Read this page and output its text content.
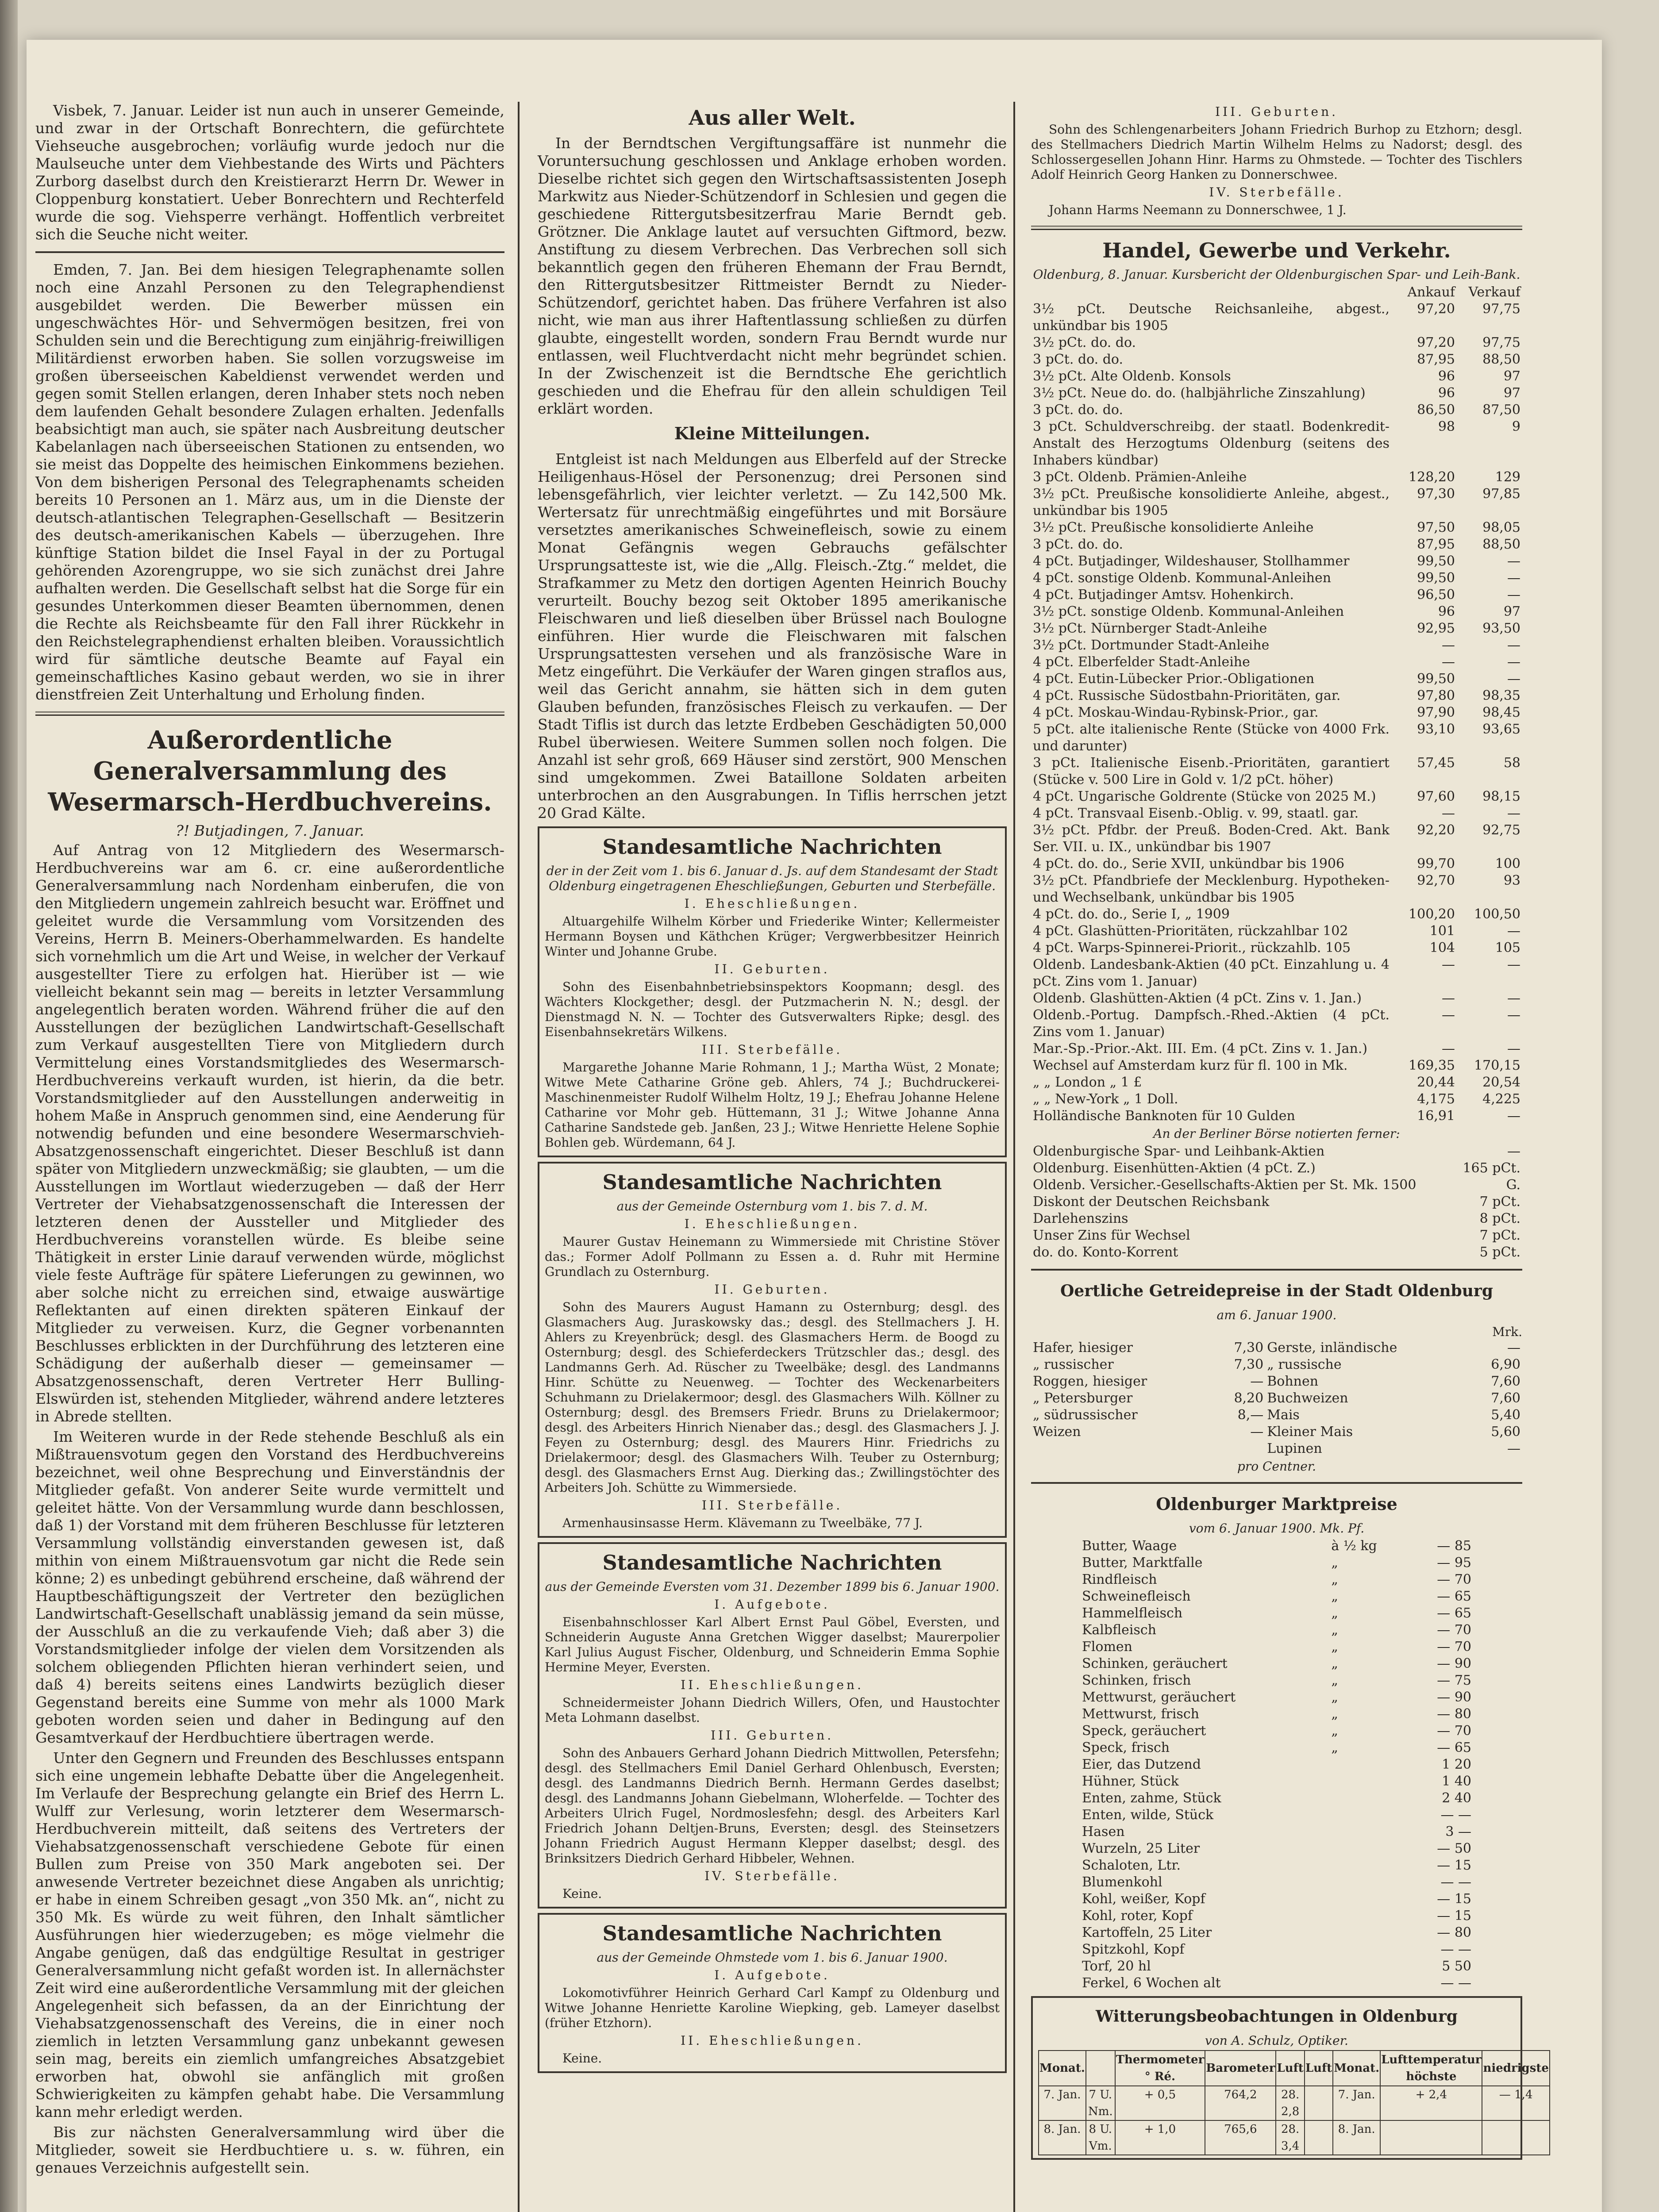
Visbek, 7. Januar. Leider ist nun auch in unserer Gemeinde, und zwar in der Ortschaft Bonrechtern, die gefürchtete Viehseuche ausgebrochen; vorläufig wurde jedoch nur die Maulseuche unter dem Viehbestande des Wirts und Pächters Zurborg daselbst durch den Kreistierarzt Herrn Dr. Wewer in Cloppenburg konstatiert. Ueber Bonrechtern und Rechterfeld wurde die sog. Viehsperre verhängt. Hoffentlich verbreitet sich die Seuche nicht weiter.

Emden, 7. Jan. Bei dem hiesigen Telegraphenamte sollen noch eine Anzahl Personen zu den Telegraphendienst ausgebildet werden. Die Bewerber müssen ein ungeschwächtes Hör- und Sehvermögen besitzen, frei von Schulden sein und die Berechtigung zum einjährig-freiwilligen Militärdienst erworben haben. Sie sollen vorzugsweise im großen überseeischen Kabeldienst verwendet werden und gegen somit Stellen erlangen, deren Inhaber stets noch neben dem laufenden Gehalt besondere Zulagen erhalten. Jedenfalls beabsichtigt man auch, sie später nach Ausbreitung deutscher Kabelanlagen nach überseeischen Stationen zu entsenden, wo sie meist das Doppelte des heimischen Einkommens beziehen. Von dem bisherigen Personal des Telegraphenamts scheiden bereits 10 Personen an 1. März aus, um in die Dienste der deutsch-atlantischen Telegraphen-Gesellschaft — Besitzerin des deutsch-amerikanischen Kabels — überzugehen. Ihre künftige Station bildet die Insel Fayal in der zu Portugal gehörenden Azorengruppe, wo sie sich zunächst drei Jahre aufhalten werden. Die Gesellschaft selbst hat die Sorge für ein gesundes Unterkommen dieser Beamten übernommen, denen die Rechte als Reichsbeamte für den Fall ihrer Rückkehr in den Reichstelegraphendienst erhalten bleiben. Voraussichtlich wird für sämtliche deutsche Beamte auf Fayal ein gemeinschaftliches Kasino gebaut werden, wo sie in ihrer dienstfreien Zeit Unterhaltung und Erholung finden.

Außerordentliche Generalversammlung des Wesermarsch-Herdbuchvereins.
?! Butjadingen, 7. Januar.

Auf Antrag von 12 Mitgliedern des Wesermarsch-Herdbuchvereins war am 6. cr. eine außerordentliche Generalversammlung nach Nordenham einberufen, die von den Mitgliedern ungemein zahlreich besucht war. Eröffnet und geleitet wurde die Versammlung vom Vorsitzenden des Vereins, Herrn B. Meiners-Oberhammelwarden. Es handelte sich vornehmlich um die Art und Weise, in welcher der Verkauf ausgestellter Tiere zu erfolgen hat. Hierüber ist — wie vielleicht bekannt sein mag — bereits in letzter Versammlung angelegentlich beraten worden. Während früher die auf den Ausstellungen der bezüglichen Landwirtschaft-Gesellschaft zum Verkauf ausgestellten Tiere von Mitgliedern durch Vermittelung eines Vorstandsmitgliedes des Wesermarsch-Herdbuchvereins verkauft wurden, ist hierin, da die betr. Vorstandsmitglieder auf den Ausstellungen anderweitig in hohem Maße in Anspruch genommen sind, eine Aenderung für notwendig befunden und eine besondere Wesermarschvieh-Absatzgenossenschaft eingerichtet. Dieser Beschluß ist dann später von Mitgliedern unzweckmäßig; sie glaubten, — um die Ausstellungen im Wortlaut wiederzugeben — daß der Herr Vertreter der Viehabsatzgenossenschaft die Interessen der letzteren denen der Aussteller und Mitglieder des Herdbuchvereins voranstellen würde. Es bleibe seine Thätigkeit in erster Linie darauf verwenden würde, möglichst viele feste Aufträge für spätere Lieferungen zu gewinnen, wo aber solche nicht zu erreichen sind, etwaige auswärtige Reflektanten auf einen direkten späteren Einkauf der Mitglieder zu verweisen. Kurz, die Gegner vorbenannten Beschlusses erblickten in der Durchführung des letzteren eine Schädigung der außerhalb dieser — gemeinsamer — Absatzgenossenschaft, deren Vertreter Herr Bulling-Elswürden ist, stehenden Mitglieder, während andere letzteres in Abrede stellten.

Im Weiteren wurde in der Rede stehende Beschluß als ein Mißtrauensvotum gegen den Vorstand des Herdbuchvereins bezeichnet, weil ohne Besprechung und Einverständnis der Mitglieder gefaßt. Von anderer Seite wurde vermittelt und geleitet hätte. Von der Versammlung wurde dann beschlossen, daß 1) der Vorstand mit dem früheren Beschlusse für letzteren Versammlung vollständig einverstanden gewesen ist, daß mithin von einem Mißtrauensvotum gar nicht die Rede sein könne; 2) es unbedingt gebührend erscheine, daß während der Hauptbeschäftigungszeit der Vertreter den bezüglichen Landwirtschaft-Gesellschaft unablässig jemand da sein müsse, der Ausschluß an die zu verkaufende Vieh; daß aber 3) die Vorstandsmitglieder infolge der vielen dem Vorsitzenden als solchem obliegenden Pflichten hieran verhindert seien, und daß 4) bereits seitens eines Landwirts bezüglich dieser Gegenstand bereits eine Summe von mehr als 1000 Mark geboten worden seien und daher in Bedingung auf den Gesamtverkauf der Herdbuchtiere übertragen werde.

Unter den Gegnern und Freunden des Beschlusses entspann sich eine ungemein lebhafte Debatte über die Angelegenheit. Im Verlaufe der Besprechung gelangte ein Brief des Herrn L. Wulff zur Verlesung, worin letzterer dem Wesermarsch-Herdbuchverein mitteilt, daß seitens des Vertreters der Viehabsatzgenossenschaft verschiedene Gebote für einen Bullen zum Preise von 350 Mark angeboten sei. Der anwesende Vertreter bezeichnet diese Angaben als unrichtig; er habe in einem Schreiben gesagt „von 350 Mk. an“, nicht zu 350 Mk. Es würde zu weit führen, den Inhalt sämtlicher Ausführungen hier wiederzugeben; es möge vielmehr die Angabe genügen, daß das endgültige Resultat in gestriger Generalversammlung nicht gefaßt worden ist. In allernächster Zeit wird eine außerordentliche Versammlung mit der gleichen Angelegenheit sich befassen, da an der Einrichtung der Viehabsatzgenossenschaft des Vereins, die in einer noch ziemlich in letzten Versammlung ganz unbekannt gewesen sein mag, bereits ein ziemlich umfangreiches Absatzgebiet erworben hat, obwohl sie anfänglich mit großen Schwierigkeiten zu kämpfen gehabt habe. Die Versammlung kann mehr erledigt werden.

Bis zur nächsten Generalversammlung wird über die Mitglieder, soweit sie Herdbuchtiere u. s. w. führen, ein genaues Verzeichnis aufgestellt sein.

Aus aller Welt.

In der Berndtschen Vergiftungsaffäre ist nunmehr die Voruntersuchung geschlossen und Anklage erhoben worden. Dieselbe richtet sich gegen den Wirtschaftsassistenten Joseph Markwitz aus Nieder-Schützendorf in Schlesien und gegen die geschiedene Rittergutsbesitzerfrau Marie Berndt geb. Grötzner. Die Anklage lautet auf versuchten Giftmord, bezw. Anstiftung zu diesem Verbrechen. Das Verbrechen soll sich bekanntlich gegen den früheren Ehemann der Frau Berndt, den Rittergutsbesitzer Rittmeister Berndt zu Nieder-Schützendorf, gerichtet haben. Das frühere Verfahren ist also nicht, wie man aus ihrer Haftentlassung schließen zu dürfen glaubte, eingestellt worden, sondern Frau Berndt wurde nur entlassen, weil Fluchtverdacht nicht mehr begründet schien. In der Zwischenzeit ist die Berndtsche Ehe gerichtlich geschieden und die Ehefrau für den allein schuldigen Teil erklärt worden.

Kleine Mitteilungen.

Entgleist ist nach Meldungen aus Elberfeld auf der Strecke Heiligenhaus-Hösel der Personenzug; drei Personen sind lebensgefährlich, vier leichter verletzt. — Zu 142,500 Mk. Wertersatz für unrechtmäßig eingeführtes und mit Borsäure versetztes amerikanisches Schweinefleisch, sowie zu einem Monat Gefängnis wegen Gebrauchs gefälschter Ursprungsatteste ist, wie die „Allg. Fleisch.-Ztg.“ meldet, die Strafkammer zu Metz den dortigen Agenten Heinrich Bouchy verurteilt. Bouchy bezog seit Oktober 1895 amerikanische Fleischwaren und ließ dieselben über Brüssel nach Boulogne einführen. Hier wurde die Fleischwaren mit falschen Ursprungsattesten versehen und als französische Ware in Metz eingeführt. Die Verkäufer der Waren gingen straflos aus, weil das Gericht annahm, sie hätten sich in dem guten Glauben befunden, französisches Fleisch zu verkaufen. — Der Stadt Tiflis ist durch das letzte Erdbeben Geschädigten 50,000 Rubel überwiesen. Weitere Summen sollen noch folgen. Die Anzahl ist sehr groß, 669 Häuser sind zerstört, 900 Menschen sind umgekommen. Zwei Bataillone Soldaten arbeiten unterbrochen an den Ausgrabungen. In Tiflis herrschen jetzt 20 Grad Kälte.

Standesamtliche Nachrichten
der in der Zeit vom 1. bis 6. Januar d. Js. auf dem Standesamt der Stadt Oldenburg eingetragenen Eheschließungen, Geburten und Sterbefälle.
I. Eheschließungen.

Altuargehilfe Wilhelm Körber und Friederike Winter; Kellermeister Hermann Boysen und Käthchen Krüger; Vergwerbbesitzer Heinrich Winter und Johanne Grube.

II. Geburten.

Sohn des Eisenbahnbetriebsinspektors Koopmann; desgl. des Wächters Klockgether; desgl. der Putzmacherin N. N.; desgl. der Dienstmagd N. N. — Tochter des Gutsverwalters Ripke; desgl. des Eisenbahnsekretärs Wilkens.

III. Sterbefälle.

Margarethe Johanne Marie Rohmann, 1 J.; Martha Wüst, 2 Monate; Witwe Mete Catharine Gröne geb. Ahlers, 74 J.; Buchdruckerei-Maschinenmeister Rudolf Wilhelm Holtz, 19 J.; Ehefrau Johanne Helene Catharine vor Mohr geb. Hüttemann, 31 J.; Witwe Johanne Anna Catharine Sandstede geb. Janßen, 23 J.; Witwe Henriette Helene Sophie Bohlen geb. Würdemann, 64 J.

Standesamtliche Nachrichten
aus der Gemeinde Osternburg vom 1. bis 7. d. M.
I. Eheschließungen.

Maurer Gustav Heinemann zu Wimmersiede mit Christine Stöver das.; Former Adolf Pollmann zu Essen a. d. Ruhr mit Hermine Grundlach zu Osternburg.

II. Geburten.

Sohn des Maurers August Hamann zu Osternburg; desgl. des Glasmachers Aug. Juraskowsky das.; desgl. des Stellmachers J. H. Ahlers zu Kreyenbrück; desgl. des Glasmachers Herm. de Boogd zu Osternburg; desgl. des Schieferdeckers Trützschler das.; desgl. des Landmanns Gerh. Ad. Rüscher zu Tweelbäke; desgl. des Landmanns Hinr. Schütte zu Neuenweg. — Tochter des Weckenarbeiters Schuhmann zu Drielakermoor; desgl. des Glasmachers Wilh. Köllner zu Osternburg; desgl. des Bremsers Friedr. Bruns zu Drielakermoor; desgl. des Arbeiters Hinrich Nienaber das.; desgl. des Glasmachers J. J. Feyen zu Osternburg; desgl. des Maurers Hinr. Friedrichs zu Drielakermoor; desgl. des Glasmachers Wilh. Teuber zu Osternburg; desgl. des Glasmachers Ernst Aug. Dierking das.; Zwillingstöchter des Arbeiters Joh. Schütte zu Wimmersiede.

III. Sterbefälle.

Armenhausinsasse Herm. Klävemann zu Tweelbäke, 77 J.

Standesamtliche Nachrichten
aus der Gemeinde Eversten vom 31. Dezember 1899 bis 6. Januar 1900.
I. Aufgebote.

Eisenbahnschlosser Karl Albert Ernst Paul Göbel, Eversten, und Schneiderin Auguste Anna Gretchen Wigger daselbst; Maurerpolier Karl Julius August Fischer, Oldenburg, und Schneiderin Emma Sophie Hermine Meyer, Eversten.

II. Eheschließungen.

Schneidermeister Johann Diedrich Willers, Ofen, und Haustochter Meta Lohmann daselbst.

III. Geburten.

Sohn des Anbauers Gerhard Johann Diedrich Mittwollen, Petersfehn; desgl. des Stellmachers Emil Daniel Gerhard Ohlenbusch, Eversten; desgl. des Landmanns Diedrich Bernh. Hermann Gerdes daselbst; desgl. des Landmanns Johann Giebelmann, Wloherfelde. — Tochter des Arbeiters Ulrich Fugel, Nordmoslesfehn; desgl. des Arbeiters Karl Friedrich Johann Deltjen-Bruns, Eversten; desgl. des Steinsetzers Johann Friedrich August Hermann Klepper daselbst; desgl. des Brinksitzers Diedrich Gerhard Hibbeler, Wehnen.

IV. Sterbefälle.

Keine.

Standesamtliche Nachrichten
aus der Gemeinde Ohmstede vom 1. bis 6. Januar 1900.
I. Aufgebote.

Lokomotivführer Heinrich Gerhard Carl Kampf zu Oldenburg und Witwe Johanne Henriette Karoline Wiepking, geb. Lameyer daselbst (früher Etzhorn).

II. Eheschließungen.

Keine.

III. Geburten.

Sohn des Schlengenarbeiters Johann Friedrich Burhop zu Etzhorn; desgl. des Stellmachers Diedrich Martin Wilhelm Helms zu Nadorst; desgl. des Schlossergesellen Johann Hinr. Harms zu Ohmstede. — Tochter des Tischlers Adolf Heinrich Georg Hanken zu Donnerschwee.

IV. Sterbefälle.

Johann Harms Neemann zu Donnerschwee, 1 J.

Handel, Gewerbe und Verkehr.
Oldenburg, 8. Januar. Kursbericht der Oldenburgischen Spar- und Leih-Bank.
	Ankauf	Verkauf
3½ pCt. Deutsche Reichsanleihe, abgest., unkündbar bis 1905	97,20	97,75
3½ pCt. do. do.	97,20	97,75
3 pCt. do. do.	87,95	88,50
3½ pCt. Alte Oldenb. Konsols	96	97
3½ pCt. Neue do. do. (halbjährliche Zinszahlung)	96	97
3 pCt. do. do.	86,50	87,50
3 pCt. Schuldverschreibg. der staatl. Bodenkredit-Anstalt des Herzogtums Oldenburg (seitens des Inhabers kündbar)	98	9
3 pCt. Oldenb. Prämien-Anleihe	128,20	129
3½ pCt. Preußische konsolidierte Anleihe, abgest., unkündbar bis 1905	97,30	97,85
3½ pCt. Preußische konsolidierte Anleihe	97,50	98,05
3 pCt. do. do.	87,95	88,50
4 pCt. Butjadinger, Wildeshauser, Stollhammer	99,50	—
4 pCt. sonstige Oldenb. Kommunal-Anleihen	99,50	—
4 pCt. Butjadinger Amtsv. Hohenkirch.	96,50	—
3½ pCt. sonstige Oldenb. Kommunal-Anleihen	96	97
3½ pCt. Nürnberger Stadt-Anleihe	92,95	93,50
3½ pCt. Dortmunder Stadt-Anleihe	—	—
4 pCt. Elberfelder Stadt-Anleihe	—	—
4 pCt. Eutin-Lübecker Prior.-Obligationen	99,50	—
4 pCt. Russische Südostbahn-Prioritäten, gar.	97,80	98,35
4 pCt. Moskau-Windau-Rybinsk-Prior., gar.	97,90	98,45
5 pCt. alte italienische Rente (Stücke von 4000 Frk. und darunter)	93,10	93,65
3 pCt. Italienische Eisenb.-Prioritäten, garantiert (Stücke v. 500 Lire in Gold v. 1/2 pCt. höher)	57,45	58
4 pCt. Ungarische Goldrente (Stücke von 2025 M.)	97,60	98,15
4 pCt. Transvaal Eisenb.-Oblig. v. 99, staatl. gar.	—	—
3½ pCt. Pfdbr. der Preuß. Boden-Cred. Akt. Bank Ser. VII. u. IX., unkündbar bis 1907	92,20	92,75
4 pCt. do. do., Serie XVII, unkündbar bis 1906	99,70	100
3½ pCt. Pfandbriefe der Mecklenburg. Hypotheken- und Wechselbank, unkündbar bis 1905	92,70	93
4 pCt. do. do., Serie I, „ 1909	100,20	100,50
4 pCt. Glashütten-Prioritäten, rückzahlbar 102	101	—
4 pCt. Warps-Spinnerei-Priorit., rückzahlb. 105	104	105
Oldenb. Landesbank-Aktien (40 pCt. Einzahlung u. 4 pCt. Zins vom 1. Januar)	—	—
Oldenb. Glashütten-Aktien (4 pCt. Zins v. 1. Jan.)	—	—
Oldenb.-Portug. Dampfsch.-Rhed.-Aktien (4 pCt. Zins vom 1. Januar)	—	—
Mar.-Sp.-Prior.-Akt. III. Em. (4 pCt. Zins v. 1. Jan.)	—	—
Wechsel auf Amsterdam kurz für fl. 100 in Mk.	169,35	170,15
„ „ London „ 1 £	20,44	20,54
„ „ New-York „ 1 Doll.	4,175	4,225
Holländische Banknoten für 10 Gulden	16,91	—
An der Berliner Börse notierten ferner:
Oldenburgische Spar- und Leihbank-Aktien	—
Oldenburg. Eisenhütten-Aktien (4 pCt. Z.)	165 pCt.
Oldenb. Versicher.-Gesellschafts-Aktien per St. Mk. 1500	G.
Diskont der Deutschen Reichsbank	7 pCt.
Darlehenszins	8 pCt.
Unser Zins für Wechsel	7 pCt.
do. do. Konto-Korrent	5 pCt.
Oertliche Getreidepreise in der Stadt Oldenburg
am 6. Januar 1900.
Mrk.
Hafer, hiesiger	7,30	Gerste, inländische	—
„ russischer	7,30	„ russische	6,90
Roggen, hiesiger	—	Bohnen	7,60
„ Petersburger	8,20	Buchweizen	7,60
„ südrussischer	8,—	Mais	5,40
Weizen	—	Kleiner Mais	5,60
		Lupinen	—
pro Centner.
Oldenburger Marktpreise
vom 6. Januar 1900. Mk. Pf.
Butter, Waage	à ½ kg	— 85
Butter, Marktfalle	„	— 95
Rindfleisch	„	— 70
Schweinefleisch	„	— 65
Hammelfleisch	„	— 65
Kalbfleisch	„	— 70
Flomen	„	— 70
Schinken, geräuchert	„	— 90
Schinken, frisch	„	— 75
Mettwurst, geräuchert	„	— 90
Mettwurst, frisch	„	— 80
Speck, geräuchert	„	— 70
Speck, frisch	„	— 65
Eier, das Dutzend		1 20
Hühner, Stück		1 40
Enten, zahme, Stück		2 40
Enten, wilde, Stück		— —
Hasen		3 —
Wurzeln, 25 Liter		— 50
Schaloten, Ltr.		— 15
Blumenkohl		— —
Kohl, weißer, Kopf		— 15
Kohl, roter, Kopf		— 15
Kartoffeln, 25 Liter		— 80
Spitzkohl, Kopf		— —
Torf, 20 hl		5 50
Ferkel, 6 Wochen alt		— —
Witterungsbeobachtungen in Oldenburg
von A. Schulz, Optiker.
Monat.		Thermometer ° Ré.	Barometer	Luft	Luft	Monat.	Lufttemperatur höchste	niedrigste
7. Jan.	7 U. Nm.	+ 0,5	764,2	28. 2,8		7. Jan.	+ 2,4	— 1,4
8. Jan.	8 U. Vm.	+ 1,0	765,6	28. 3,4		8. Jan.		
